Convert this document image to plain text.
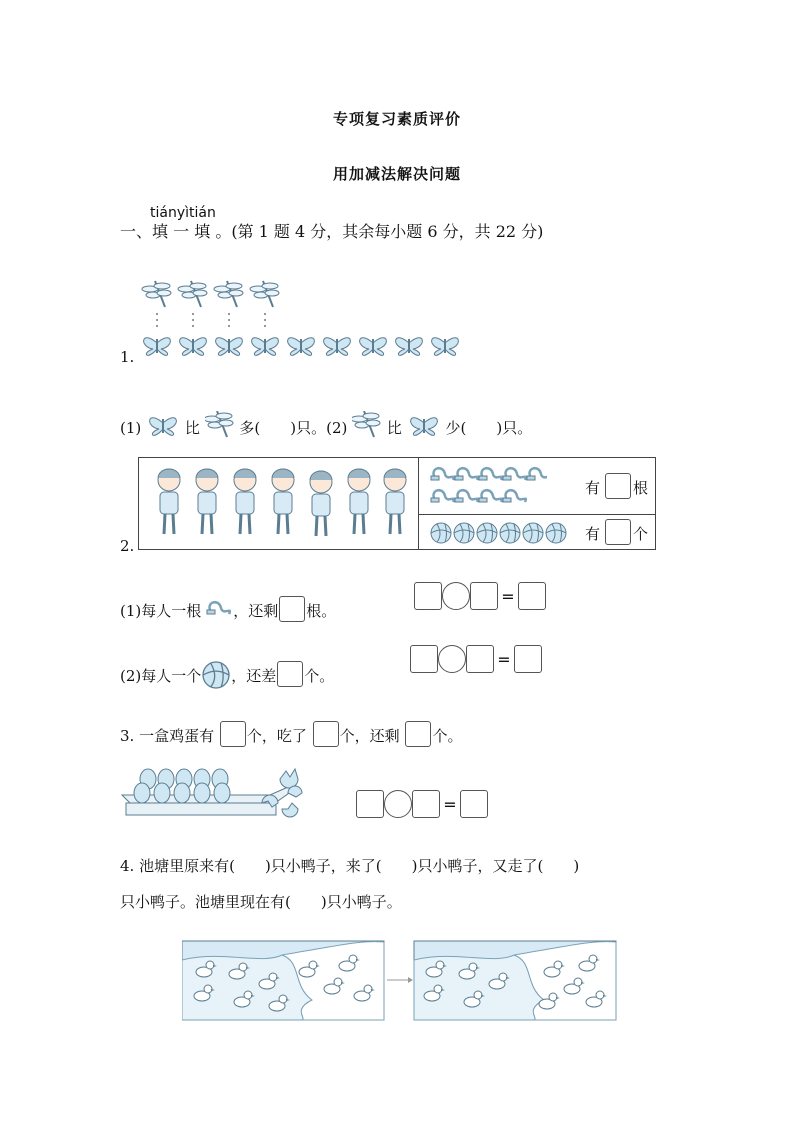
专项复习素质评价
用加减法解决问题
tiányìtián
一、填 一 填 。(第 1 题 4 分，其余每小题 6 分，共 22 分)
1.
(1)	比	多( )只。(2)	比	少( )只。
有 根
有 个
2.
(1)每人一根 ，还剩 根。
=
(2)每人一个 ，还差 个。
=
3. 一盒鸡蛋有 个，吃了 个，还剩 个。
=
4. 池塘里原来有( )只小鸭子，来了( )只小鸭子，又走了( )
只小鸭子。池塘里现在有( )只小鸭子。
